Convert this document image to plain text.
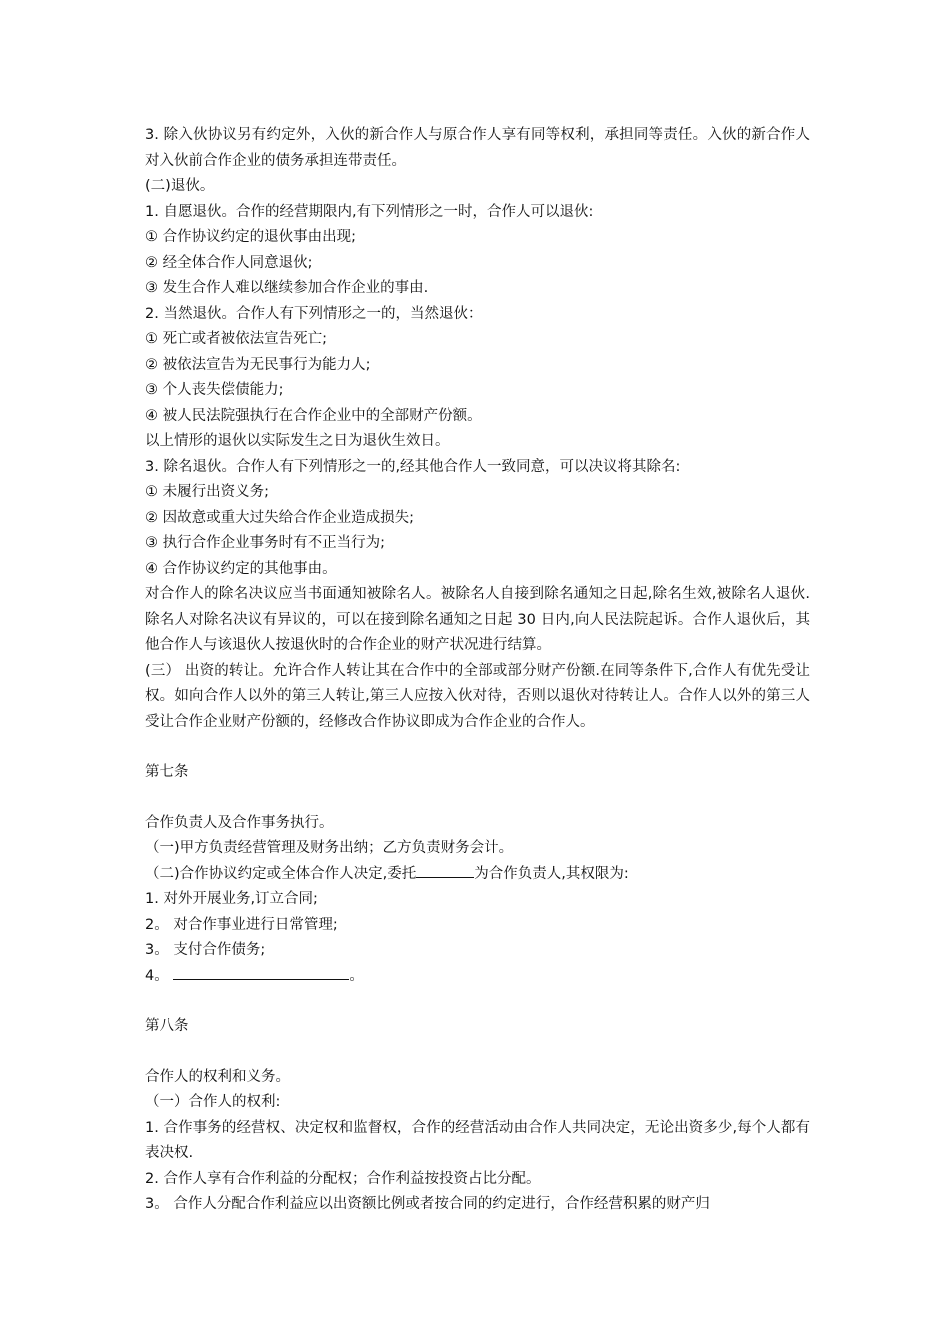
3. 除入伙协议另有约定外，入伙的新合作人与原合作人享有同等权利，承担同等责任。入伙的新合作人对入伙前合作企业的债务承担连带责任。
(二)退伙。
1. 自愿退伙。合作的经营期限内,有下列情形之一时，合作人可以退伙:
① 合作协议约定的退伙事由出现;
② 经全体合作人同意退伙;
③ 发生合作人难以继续参加合作企业的事由.
2. 当然退伙。合作人有下列情形之一的，当然退伙：
① 死亡或者被依法宣告死亡;
② 被依法宣告为无民事行为能力人;
③ 个人丧失偿债能力;
④ 被人民法院强执行在合作企业中的全部财产份额。
以上情形的退伙以实际发生之日为退伙生效日。
3. 除名退伙。合作人有下列情形之一的,经其他合作人一致同意，可以决议将其除名:
① 未履行出资义务;
② 因故意或重大过失给合作企业造成损失;
③ 执行合作企业事务时有不正当行为;
④ 合作协议约定的其他事由。
对合作人的除名决议应当书面通知被除名人。被除名人自接到除名通知之日起,除名生效,被除名人退伙.除名人对除名决议有异议的，可以在接到除名通知之日起 30 日内,向人民法院起诉。合作人退伙后，其他合作人与该退伙人按退伙时的合作企业的财产状况进行结算。
(三） 出资的转让。允许合作人转让其在合作中的全部或部分财产份额.在同等条件下,合作人有优先受让权。如向合作人以外的第三人转让,第三人应按入伙对待，否则以退伙对待转让人。合作人以外的第三人受让合作企业财产份额的，经修改合作协议即成为合作企业的合作人。
第七条
合作负责人及合作事务执行。
（一)甲方负责经营管理及财务出纳；乙方负责财务会计。
（二)合作协议约定或全体合作人决定,委托	为合作负责人,其权限为:
1. 对外开展业务,订立合同;
2。 对合作事业进行日常管理;
3。 支付合作债务;
4。	。
第八条
合作人的权利和义务。
（一）合作人的权利:
1. 合作事务的经营权、决定权和监督权，合作的经营活动由合作人共同决定，无论出资多少,每个人都有表决权.
2. 合作人享有合作利益的分配权；合作利益按投资占比分配。
3。 合作人分配合作利益应以出资额比例或者按合同的约定进行，合作经营积累的财产归
